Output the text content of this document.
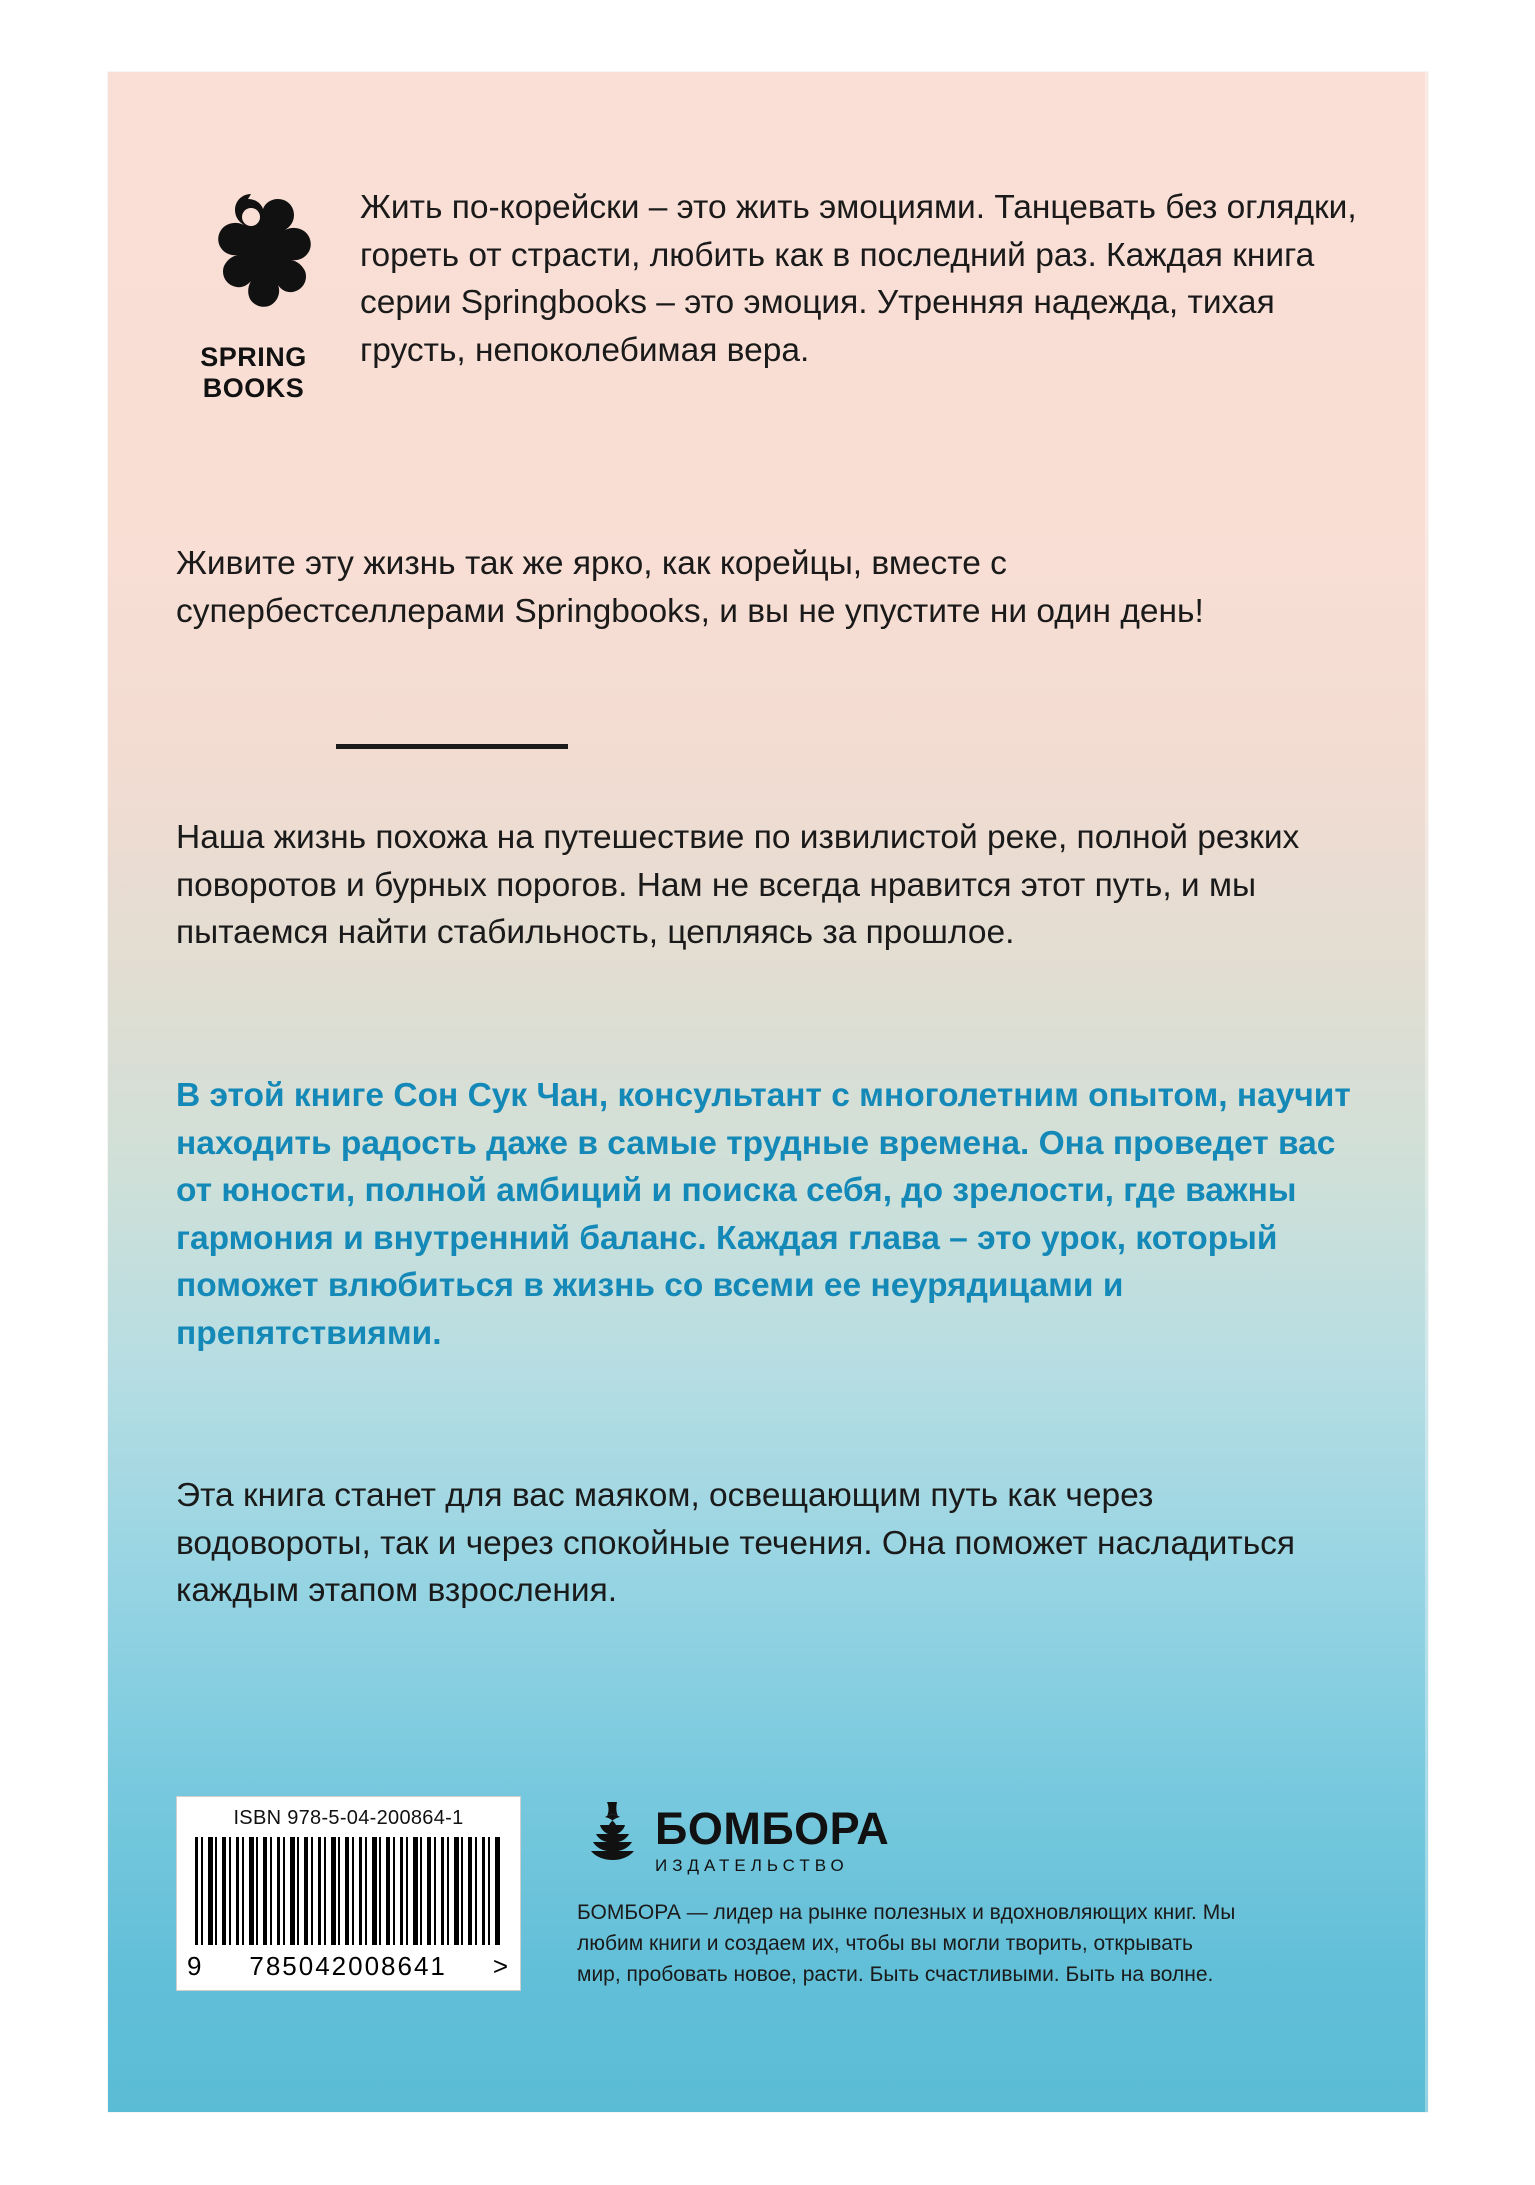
SPRING
BOOKS
Жить по-корейски – это жить эмоциями. Танцевать без оглядки, гореть от страсти, любить как в последний раз. Каждая книга серии Springbooks – это эмоция. Утренняя надежда, тихая грусть, непоколебимая вера.
Живите эту жизнь так же ярко, как корейцы, вместе с супербестселлерами Springbooks, и вы не упустите ни один день!
Наша жизнь похожа на путешествие по извилистой реке, полной резких поворотов и бурных порогов. Нам не всегда нравится этот путь, и мы пытаемся найти стабильность, цепляясь за прошлое.
В этой книге Сон Сук Чан, консультант с многолетним опытом, научит находить радость даже в самые трудные времена. Она проведет вас от юности, полной амбиций и поиска себя, до зрелости, где важны гармония и внутренний баланс. Каждая глава – это урок, который поможет влюбиться в жизнь со всеми ее неурядицами и препятствиями.
Эта книга станет для вас маяком, освещающим путь как через водовороты, так и через спокойные течения. Она поможет насладиться каждым этапом взросления.
ISBN 978-5-04-200864-1
9 785042008641 >
БОМБОРА
ИЗДАТЕЛЬСТВО
БОМБОРА — лидер на рынке полезных и вдохновляющих книг. Мы любим книги и создаем их, чтобы вы могли творить, открывать мир, пробовать новое, расти. Быть счастливыми. Быть на волне.
